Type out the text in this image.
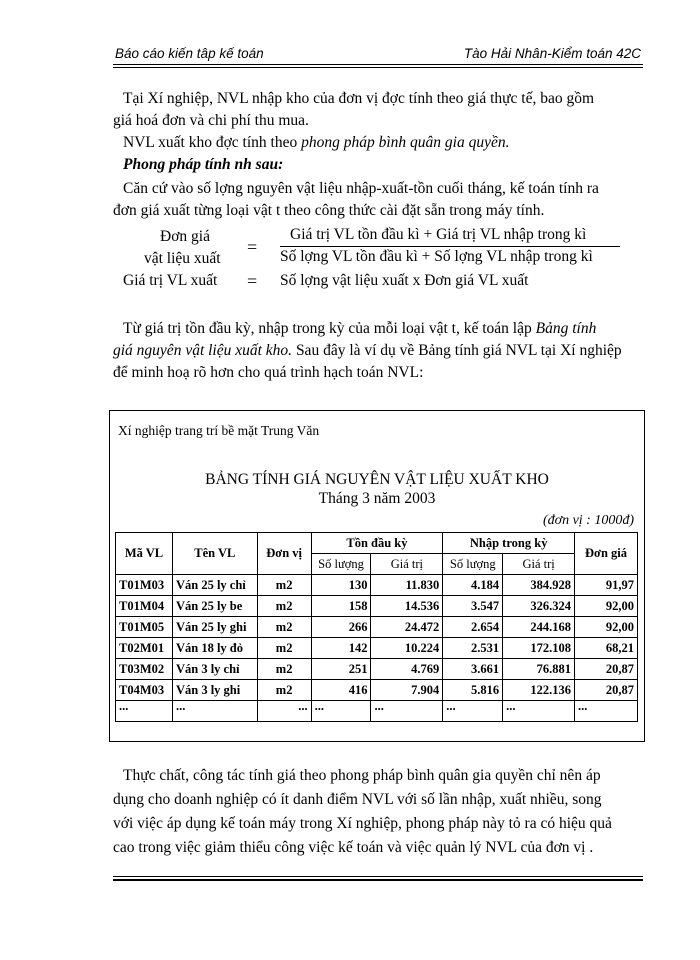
Báo cáo kiến tâp kế toán	Tào Hải Nhân-Kiểm toán 42C
Tại Xí nghiệp, NVL nhập kho của đơn vị đợc tính theo giá thực tế, bao gồm
giá hoá đơn và chi phí thu mua.
NVL xuất kho đợc tính theo phong pháp bình quân gia quyền.
Phong pháp tính nh sau:
Căn cứ vào số lợng nguyên vật liệu nhập-xuất-tồn cuối tháng, kế toán tính ra
đơn giá xuất từng loại vật t theo công thức cài đặt sẵn trong máy tính.
Đơn giá
vật liệu xuất
=
Giá trị VL tồn đầu kì + Giá trị VL nhập trong kì
Số lợng VL tồn đầu kì + Số lợng VL nhập trong kì
Giá trị VL xuất = Số lợng vật liệu xuất x Đơn giá VL xuất
Từ giá trị tồn đầu kỳ, nhập trong kỳ của mỗi loại vật t, kế toán lập Bảng tính
giá nguyên vật liệu xuất kho. Sau đây là ví dụ về Bảng tính giá NVL tại Xí nghiệp
để minh hoạ rõ hơn cho quá trình hạch toán NVL:
Xí nghiệp trang trí bề mặt Trung Văn
BẢNG TÍNH GIÁ NGUYÊN VẬT LIỆU XUẤT KHO
Tháng 3 năm 2003
(đơn vị : 1000đ)
Mã VL	Tên VL	Đơn vị	Tồn đầu kỳ		Nhập trong kỳ		Đơn giá
			Số lượng	Giá trị	Số lượng	Giá trị	
T01M03	Ván 25 ly chỉ	m2	130	11.830	4.184	384.928	91,97
T01M04	Ván 25 ly be	m2	158	14.536	3.547	326.324	92,00
T01M05	Ván 25 ly ghi	m2	266	24.472	2.654	244.168	92,00
T02M01	Ván 18 ly đỏ	m2	142	10.224	2.531	172.108	68,21
T03M02	Ván 3 ly chỉ	m2	251	4.769	3.661	76.881	20,87
T04M03	Ván 3 ly ghi	m2	416	7.904	5.816	122.136	20,87
...	...	...	...	...	...	...	...
Thực chất, công tác tính giá theo phong pháp bình quân gia quyền chỉ nên áp
dụng cho doanh nghiệp có ít danh điểm NVL với số lần nhập, xuất nhiều, song
với việc áp dụng kế toán máy trong Xí nghiệp, phong pháp này tỏ ra có hiệu quả
cao trong việc giảm thiểu công việc kế toán và việc quản lý NVL của đơn vị .
